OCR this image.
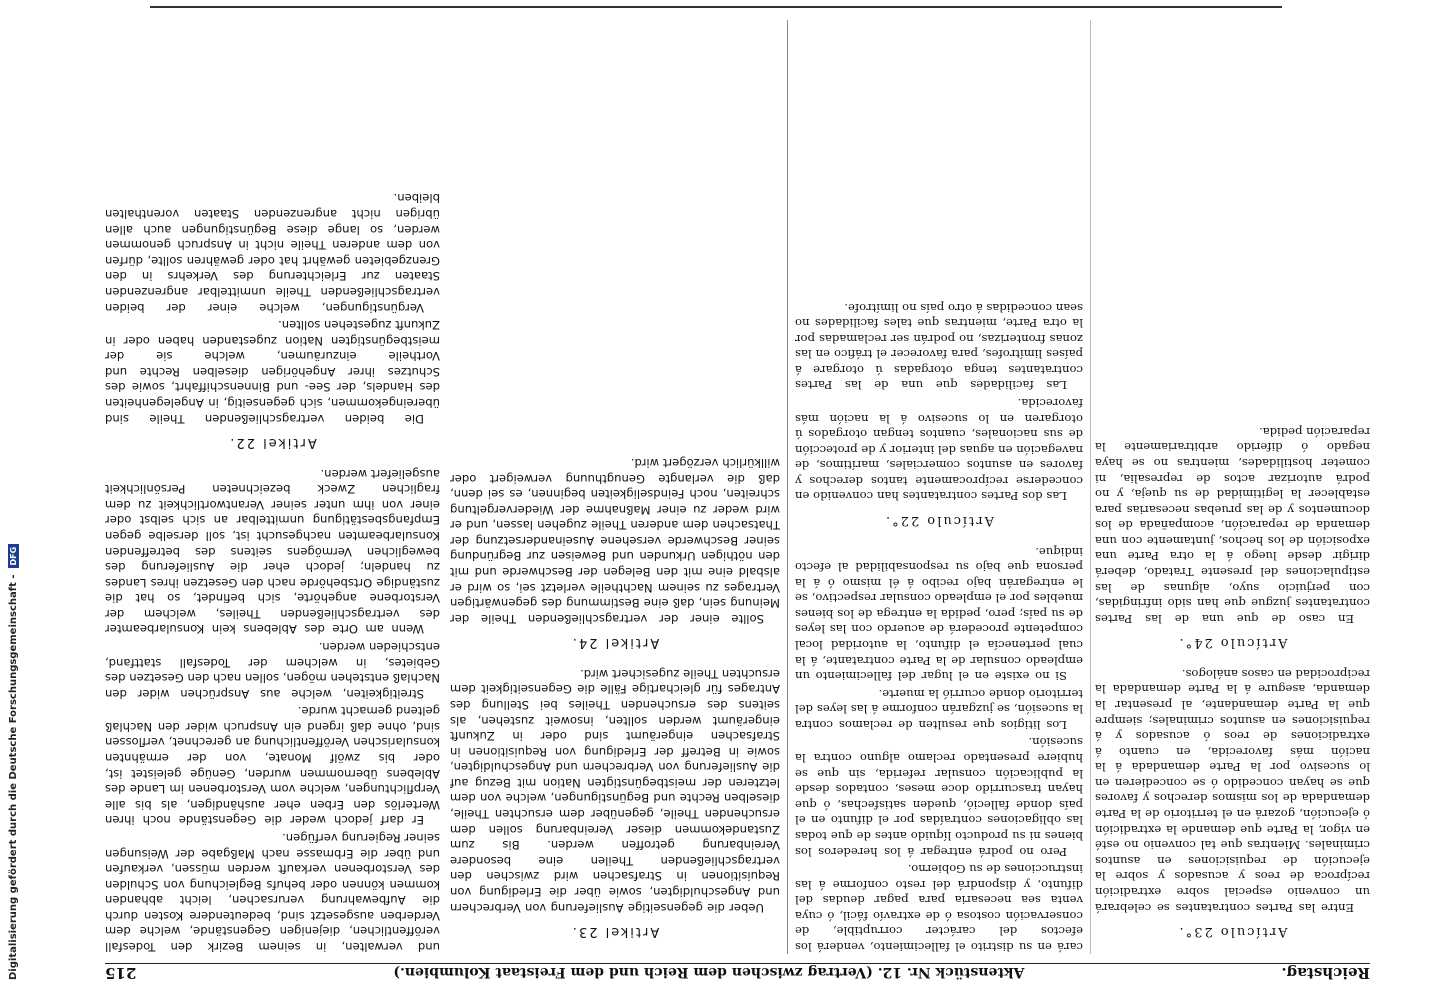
Reichstag.
Aktenstück Nr. 12. (Vertrag zwischen dem Reich und dem Freistaat Kolumbien.)
215

und verwalten, in seinem Bezirk den Todesfall veröffentlichen, diejenigen Gegenstände, welche dem Verderben ausgesetzt sind, bedeutendere Kosten durch die Aufbewahrung verursachen, leicht abhanden kommen können oder behufs Begleichung von Schulden des Verstorbenen verkauft werden müssen, verkaufen und über die Erbmasse nach Maßgabe der Weisungen seiner Regierung verfügen.

Er darf jedoch weder die Gegenstände noch ihren Werterlös den Erben eher aushändigen, als bis alle Verpflichtungen, welche vom Verstorbenen im Lande des Ablebens übernommen wurden, Genüge geleistet ist, oder bis zwölf Monate, von der ermähnten konsularischen Veröffentlichung an gerechnet, verflossen sind, ohne daß irgend ein Anspruch wider den Nachlaß geltend gemacht wurde.

Streitigkeiten, welche aus Ansprüchen wider den Nachlaß entstehen mögen, sollen nach den Gesetzen des Gebietes, in welchem der Todesfall stattfand, entschieden werden.

Wenn am Orte des Ablebens kein Konsularbeamter des vertragschließenden Theiles, welchem der Verstorbene angehörte, sich befindet, so hat die zuständige Ortsbehörde nach den Gesetzen ihres Landes zu handeln; jedoch eher die Auslieferung des beweglichen Vermögens seitens des betreffenden Konsularbeamten nachgesucht ist, soll derselbe gegen Empfangsbestätigung unmittelbar an sich selbst oder einer von ihm unter seiner Verantwortlichkeit zu dem fraglichen Zweck bezeichneten Persönlichkeit ausgeliefert werden.

Artikel 22.

Die beiden vertragschließenden Theile sind übereingekommen, sich gegenseitig, in Angelegenheiten des Handels, der See- und Binnenschiffahrt, sowie des Schutzes ihrer Angehörigen dieselben Rechte und Vortheile einzuräumen, welche sie der meistbegünstigten Nation zugestanden haben oder in Zukunft zugestehen sollten.

Vergünstigungen, welche einer der beiden vertragschließenden Theile unmittelbar angrenzenden Staaten zur Erleichterung des Verkehrs in den Grenzgebieten gewährt hat oder gewähren sollte, dürfen von dem anderen Theile nicht in Anspruch genommen werden, so lange diese Begünstigungen auch allen übrigen nicht angrenzenden Staaten vorenthalten bleiben.

Artikel 23.

Ueber die gegenseitige Auslieferung von Verbrechern und Angeschuldigten, sowie über die Erledigung von Requisitionen in Strafsachen wird zwischen den vertragschließenden Theilen eine besondere Vereinbarung getroffen werden. Bis zum Zustandekommen dieser Vereinbarung sollen dem ersuchenden Theile, gegenüber dem ersuchten Theile, dieselben Rechte und Begünstigungen, welche von dem letzteren der meistbegünstigten Nation mit Bezug auf die Auslieferung von Verbrechern und Angeschuldigten, sowie in Betreff der Erledigung von Requisitionen in Strafsachen eingeräumt sind oder in Zukunft eingeräumt werden sollten, insoweit zustehen, als seitens des ersuchenden Theiles bei Stellung des Antrages für gleichartige Fälle die Gegenseitigkeit dem ersuchten Theile zugesichert wird.

Artikel 24.

Sollte einer der vertragschließenden Theile der Meinung sein, daß eine Bestimmung des gegenwärtigen Vertrages zu seinem Nachtheile verletzt sei, so wird er alsbald eine mit den Belegen der Beschwerde und mit den nöthigen Urkunden und Beweisen zur Begründung seiner Beschwerde versehene Auseinandersetzung der Thatsachen dem anderen Theile zugehen lassen, und er wird weder zu einer Maßnahme der Wiedervergeltung schreiten, noch Feindseligkeiten beginnen, es sei denn, daß die verlangte Genugthuung verweigert oder willkürlich verzögert wird.

cará en su distrito el fallecimiento, venderá los efectos del carácter corruptible, de conservación costosa ó de extravío fácil, ó cuya venta sea necesaria para pagar deudas del difunto, y dispondrá del resto conforme á las instrucciones de su Gobierno.

Pero no podrá entregar á los herederos los bienes ni su producto líquido antes de que todas las obligaciones contraídas por el difunto en el país donde falleció, queden satisfechas, ó que hayan trascurrido doce meses, contados desde la publicación consular referida, sin que se hubiere presentado reclamo alguno contra la sucesión.

Los litigios que resulten de reclamos contra la sucesión, se juzgarán conforme á las leyes del territorio donde ocurrió la muerte.

Si no existe en el lugar del fallecimiento un empleado consular de la Parte contratante, á la cual pertenecía el difunto, la autoridad local competente procederá de acuerdo con las leyes de su país; pero, pedida la entrega de los bienes muebles por el empleado consular respectivo, se le entregarán bajo recibo á él mismo ó á la persona que bajo su responsabilidad al efecto indique.

Artículo 22°.

Las dos Partes contratantes han convenido en concederse recíprocamente tantos derechos y favores en asuntos comerciales, marítimos, de navegación en aguas del interior y de protección de sus nacionales, cuantos tengan otorgados ú otorgaren en lo sucesivo á la nación más favorecida.

Las facilidades que una de las Partes contratantes tenga otorgadas ú otorgare á países limítrofes, para favorecer el tráfico en las zonas fronterizas, no podrán ser reclamadas por la otra Parte, mientras que tales facilidades no sean concedidas á otro país no limítrofe.

Artículo 23°.

Entre las Partes contratantes se celebrará un convenio especial sobre extradición recíproca de reos y acusados y sobre la ejecución de requisiciones en asuntos criminales. Mientras que tal convenio no esté en vigor, la Parte que demande la extradición ó ejecución, gozará en el territorio de la Parte demandada de los mismos derechos y favores que se hayan concedido ó se concedieren en lo sucesivo por la Parte demandada á la nación más favorecida, en cuanto á extradiciones de reos ó acusados y á requisiciones en asuntos criminales; siempre que la Parte demandante, al presentar la demanda, asegure á la Parte demandada la reciprocidad en casos análogos.

Artículo 24°.

En caso de que una de las Partes contratantes juzgue que han sido infringidas, con perjuicio suyo, algunas de las estipulaciones del presente Tratado, deberá dirigir desde luego á la otra Parte una exposición de los hechos, juntamente con una demanda de reparación, acompañada de los documentos y de las pruebas necesarias para establecer la legitimidad de su queja, y no podrá autorizar actos de represalia, ni cometer hostilidades, mientras no se haya negado ó diferido arbitrariamente la reparación pedida.

Digitalisierung gefördert durch die Deutsche Forschungsgemeinschaft -
DFG
